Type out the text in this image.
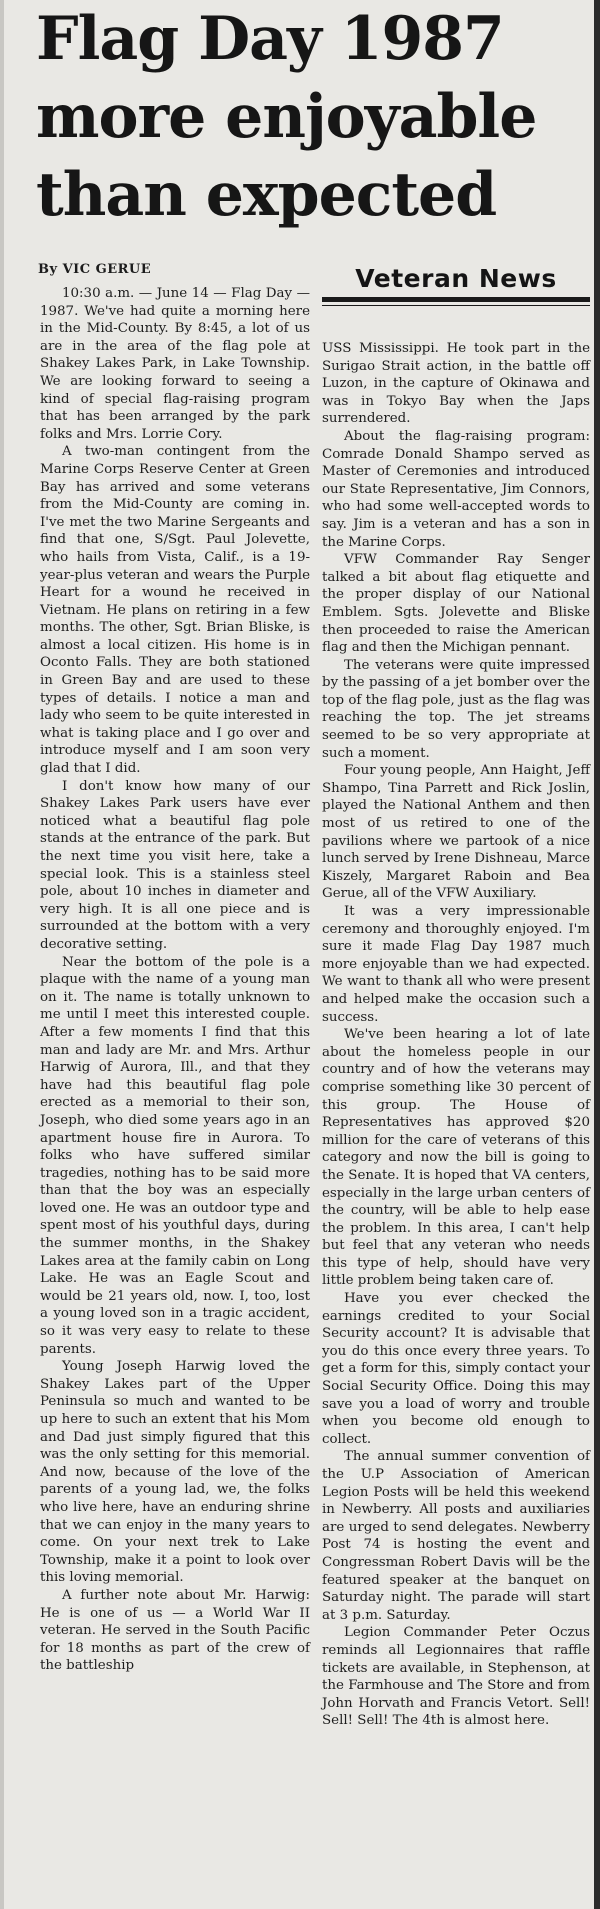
Flag Day 1987
more enjoyable
than expected
By VIC GERUE	Veteran News

10:30 a.m. — June 14 — Flag Day — 1987. We've had quite a morning here in the Mid-County. By 8:45, a lot of us are in the area of the flag pole at Shakey Lakes Park, in Lake Township. We are looking forward to seeing a kind of special flag-raising program that has been arranged by the park folks and Mrs. Lorrie Cory.

A two-man contingent from the Marine Corps Reserve Center at Green Bay has arrived and some veterans from the Mid-County are coming in. I've met the two Marine Sergeants and find that one, S/Sgt. Paul Jolevette, who hails from Vista, Calif., is a 19-year-plus veteran and wears the Purple Heart for a wound he received in Vietnam. He plans on retiring in a few months. The other, Sgt. Brian Bliske, is almost a local citizen. His home is in Oconto Falls. They are both stationed in Green Bay and are used to these types of details. I notice a man and lady who seem to be quite interested in what is taking place and I go over and introduce myself and I am soon very glad that I did.

I don't know how many of our Shakey Lakes Park users have ever noticed what a beautiful flag pole stands at the entrance of the park. But the next time you visit here, take a special look. This is a stainless steel pole, about 10 inches in diameter and very high. It is all one piece and is surrounded at the bottom with a very decorative setting.

Near the bottom of the pole is a plaque with the name of a young man on it. The name is totally unknown to me until I meet this interested couple. After a few moments I find that this man and lady are Mr. and Mrs. Arthur Harwig of Aurora, Ill., and that they have had this beautiful flag pole erected as a memorial to their son, Joseph, who died some years ago in an apartment house fire in Aurora. To folks who have suffered similar tragedies, nothing has to be said more than that the boy was an especially loved one. He was an outdoor type and spent most of his youthful days, during the summer months, in the Shakey Lakes area at the family cabin on Long Lake. He was an Eagle Scout and would be 21 years old, now. I, too, lost a young loved son in a tragic accident, so it was very easy to relate to these parents.

Young Joseph Harwig loved the Shakey Lakes part of the Upper Peninsula so much and wanted to be up here to such an extent that his Mom and Dad just simply figured that this was the only setting for this memorial. And now, because of the love of the parents of a young lad, we, the folks who live here, have an enduring shrine that we can enjoy in the many years to come. On your next trek to Lake Township, make it a point to look over this loving memorial.

A further note about Mr. Harwig: He is one of us — a World War II veteran. He served in the South Pacific for 18 months as part of the crew of the battleship

USS Mississippi. He took part in the Surigao Strait action, in the battle off Luzon, in the capture of Okinawa and was in Tokyo Bay when the Japs surrendered.

About the flag-raising program: Comrade Donald Shampo served as Master of Ceremonies and introduced our State Representative, Jim Connors, who had some well-accepted words to say. Jim is a veteran and has a son in the Marine Corps.

VFW Commander Ray Senger talked a bit about flag etiquette and the proper display of our National Emblem. Sgts. Jolevette and Bliske then proceeded to raise the American flag and then the Michigan pennant.

The veterans were quite impressed by the passing of a jet bomber over the top of the flag pole, just as the flag was reaching the top. The jet streams seemed to be so very appropriate at such a moment.

Four young people, Ann Haight, Jeff Shampo, Tina Parrett and Rick Joslin, played the National Anthem and then most of us retired to one of the pavilions where we partook of a nice lunch served by Irene Dishneau, Marce Kiszely, Margaret Raboin and Bea Gerue, all of the VFW Auxiliary.

It was a very impressionable ceremony and thoroughly enjoyed. I'm sure it made Flag Day 1987 much more enjoyable than we had expected. We want to thank all who were present and helped make the occasion such a success.

We've been hearing a lot of late about the homeless people in our country and of how the veterans may comprise something like 30 percent of this group. The House of Representatives has approved $20 million for the care of veterans of this category and now the bill is going to the Senate. It is hoped that VA centers, especially in the large urban centers of the country, will be able to help ease the problem. In this area, I can't help but feel that any veteran who needs this type of help, should have very little problem being taken care of.

Have you ever checked the earnings credited to your Social Security account? It is advisable that you do this once every three years. To get a form for this, simply contact your Social Security Office. Doing this may save you a load of worry and trouble when you become old enough to collect.

The annual summer convention of the U.P Association of American Legion Posts will be held this weekend in Newberry. All posts and auxiliaries are urged to send delegates. Newberry Post 74 is hosting the event and Congressman Robert Davis will be the featured speaker at the banquet on Saturday night. The parade will start at 3 p.m. Saturday.

Legion Commander Peter Oczus reminds all Legionnaires that raffle tickets are available, in Stephenson, at the Farmhouse and The Store and from John Horvath and Francis Vetort. Sell! Sell! Sell! The 4th is almost here.
